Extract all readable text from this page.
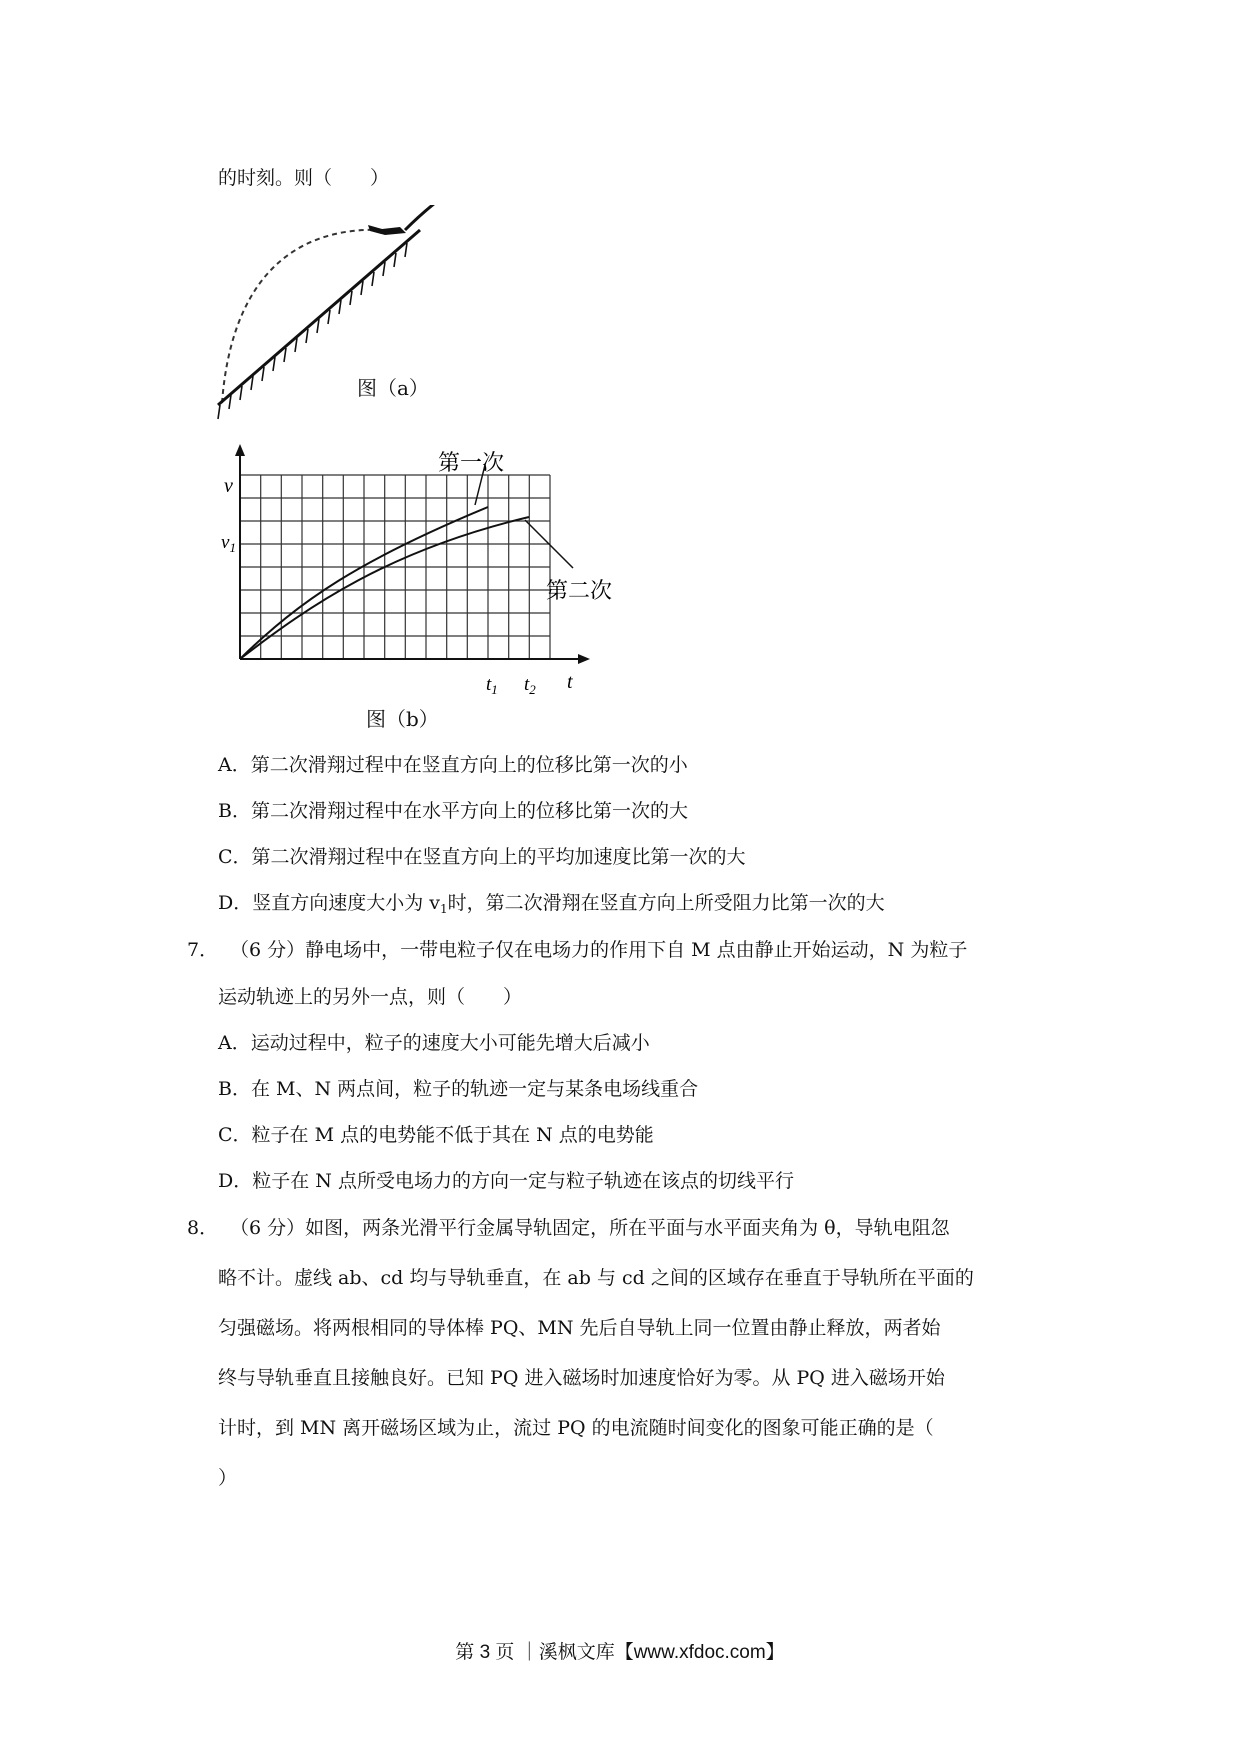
的时刻。则（　　）
图（a）
v
$v_1$
$t_1$ $t_2$ t
第一次
第二次
图（b）
A．第二次滑翔过程中在竖直方向上的位移比第一次的小
B．第二次滑翔过程中在水平方向上的位移比第一次的大
C．第二次滑翔过程中在竖直方向上的平均加速度比第一次的大
D．竖直方向速度大小为 $v_1$时，第二次滑翔在竖直方向上所受阻力比第一次的大
7． （6 分）静电场中，一带电粒子仅在电场力的作用下自 M 点由静止开始运动，N 为粒子
运动轨迹上的另外一点，则（　　）
A．运动过程中，粒子的速度大小可能先增大后减小
B．在 M、N 两点间，粒子的轨迹一定与某条电场线重合
C．粒子在 M 点的电势能不低于其在 N 点的电势能
D．粒子在 N 点所受电场力的方向一定与粒子轨迹在该点的切线平行
8． （6 分）如图，两条光滑平行金属导轨固定，所在平面与水平面夹角为 θ，导轨电阻忽
略不计。虚线 ab、cd 均与导轨垂直，在 ab 与 cd 之间的区域存在垂直于导轨所在平面的
匀强磁场。将两根相同的导体棒 PQ、MN 先后自导轨上同一位置由静止释放，两者始
终与导轨垂直且接触良好。已知 PQ 进入磁场时加速度恰好为零。从 PQ 进入磁场开始
计时，到 MN 离开磁场区域为止，流过 PQ 的电流随时间变化的图象可能正确的是（
）
第 3 页 ｜溪枫文库【www.xfdoc.com】
